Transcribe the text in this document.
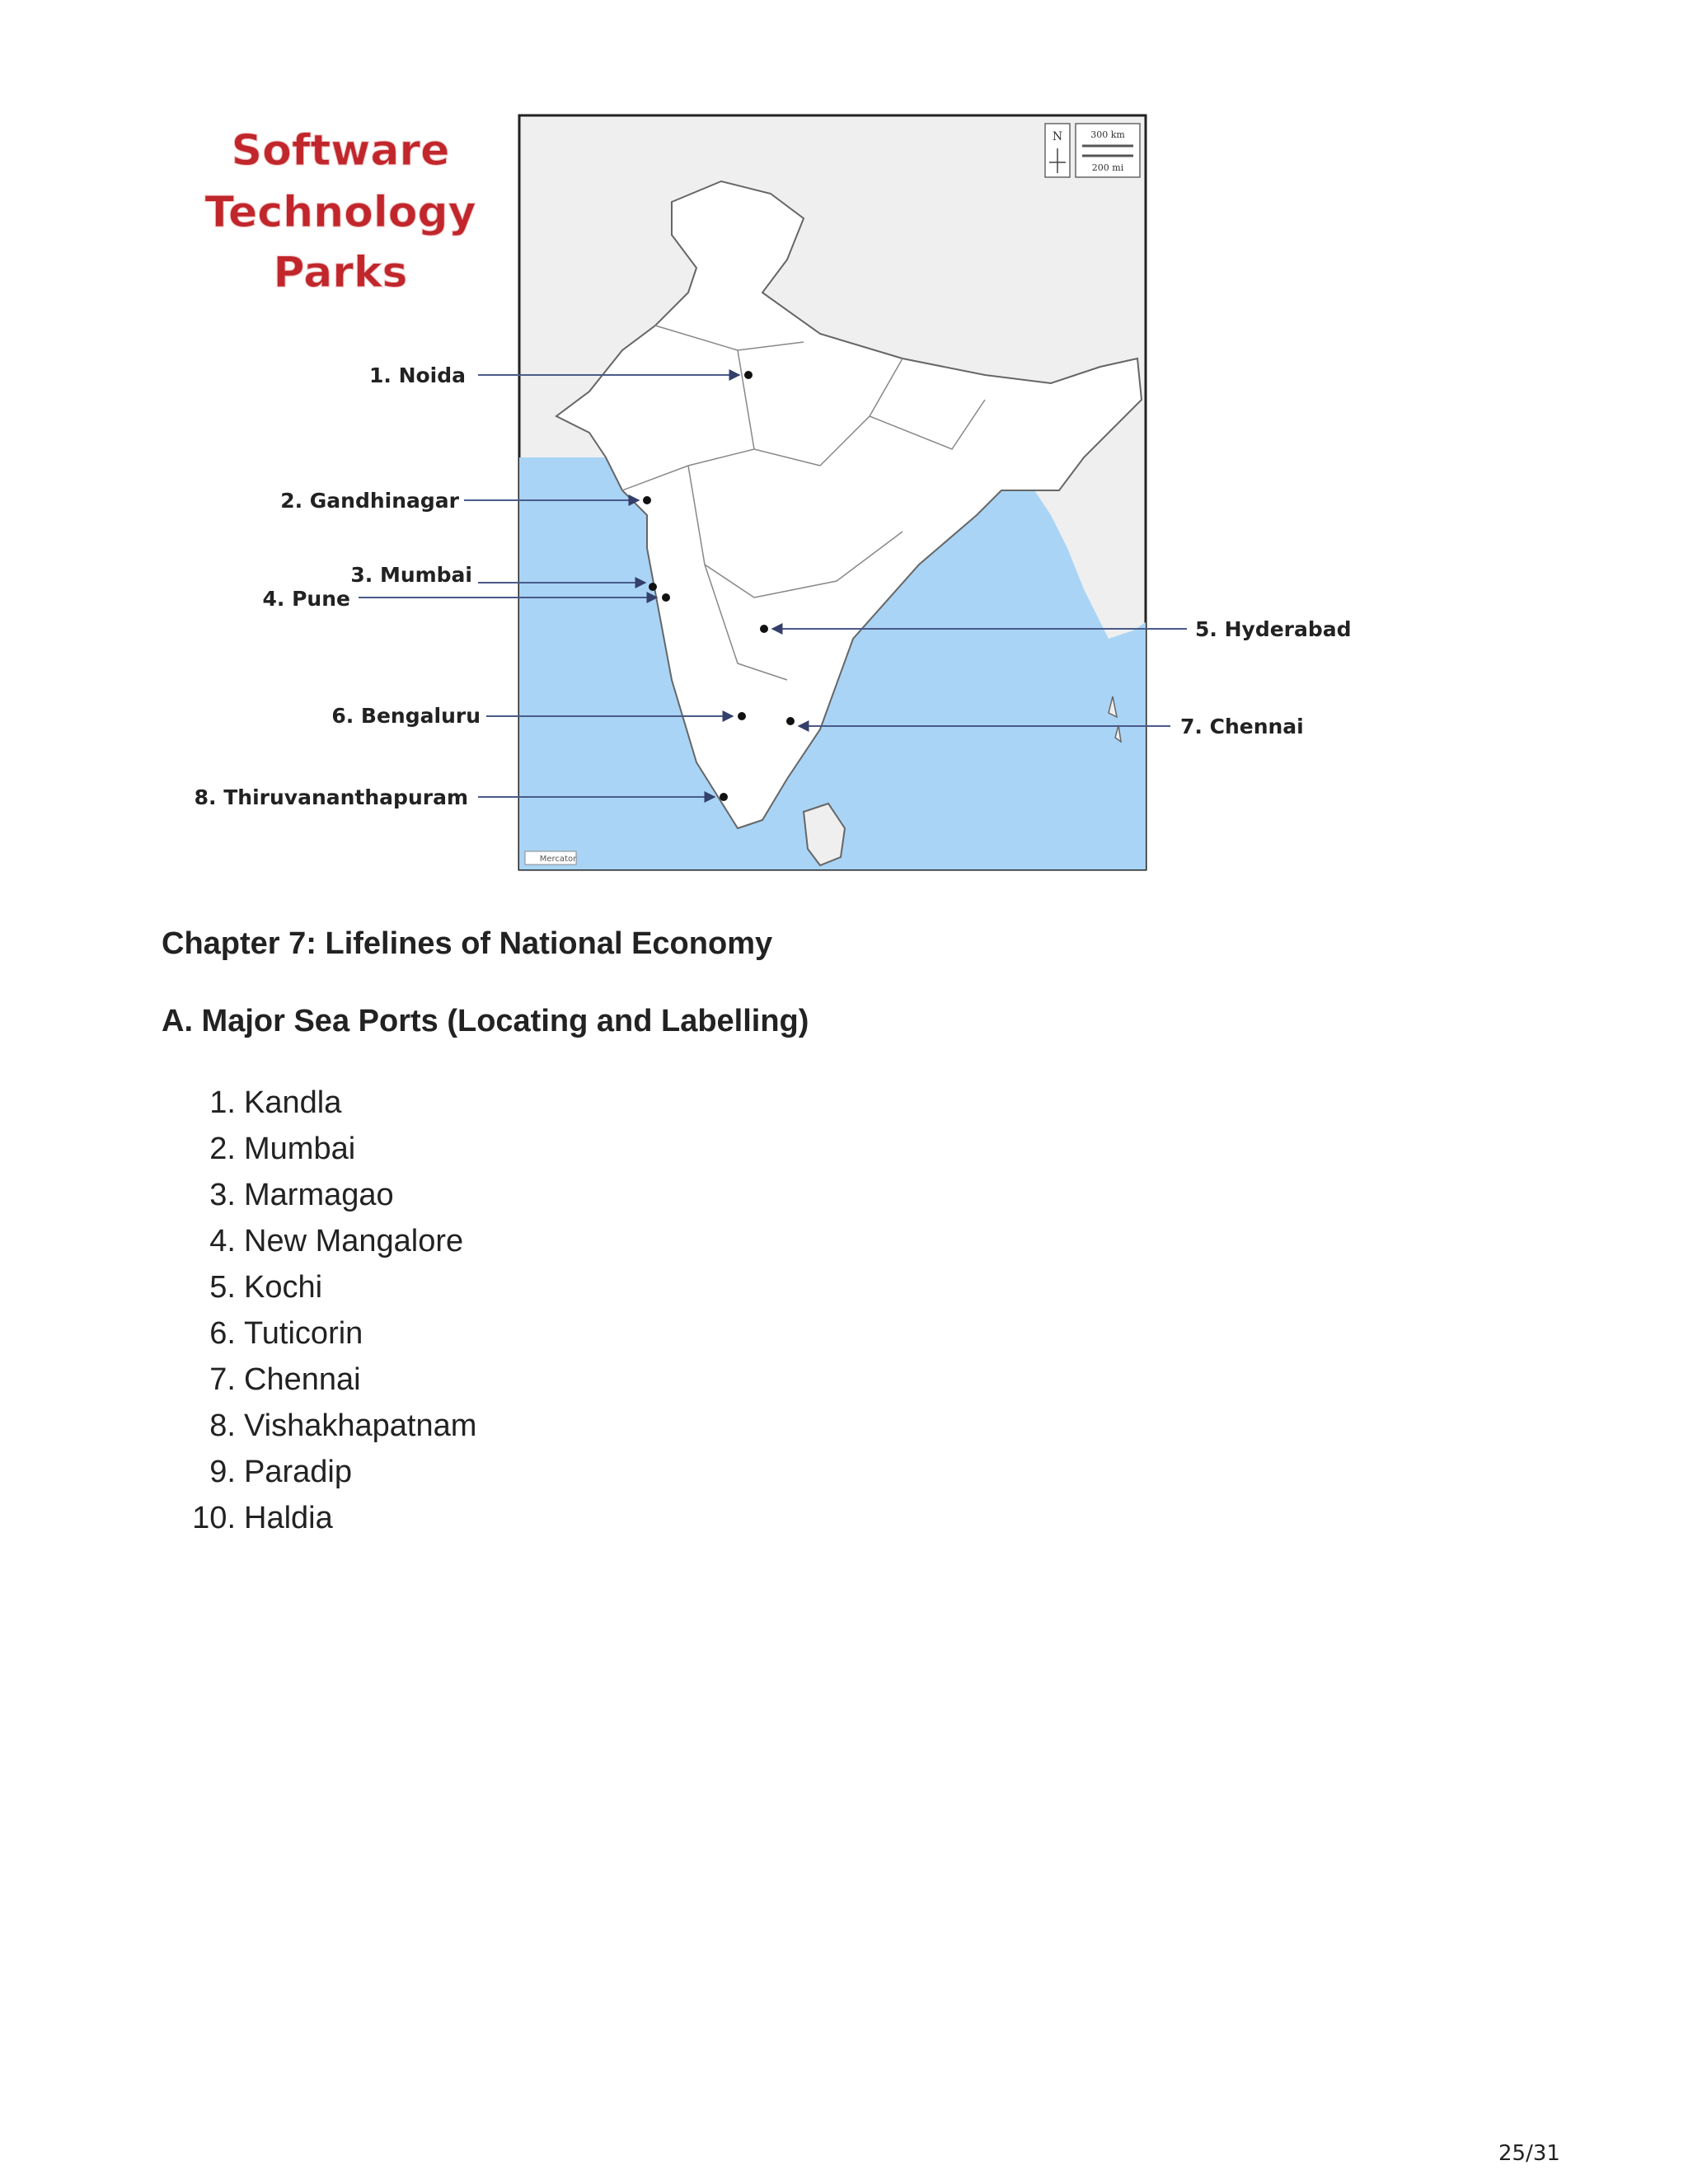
Software
Technology
Parks
N	300 km
200 mi
Mercator
1. Noida
2. Gandhinagar
3. Mumbai
4. Pune
5. Hyderabad
6. Bengaluru	7. Chennai
8. Thiruvananthapuram
Chapter 7: Lifelines of National Economy
A. Major Sea Ports (Locating and Labelling)
1. Kandla
2. Mumbai
3. Marmagao
4. New Mangalore
5. Kochi
6. Tuticorin
7. Chennai
8. Vishakhapatnam
9. Paradip
10. Haldia
25/31
